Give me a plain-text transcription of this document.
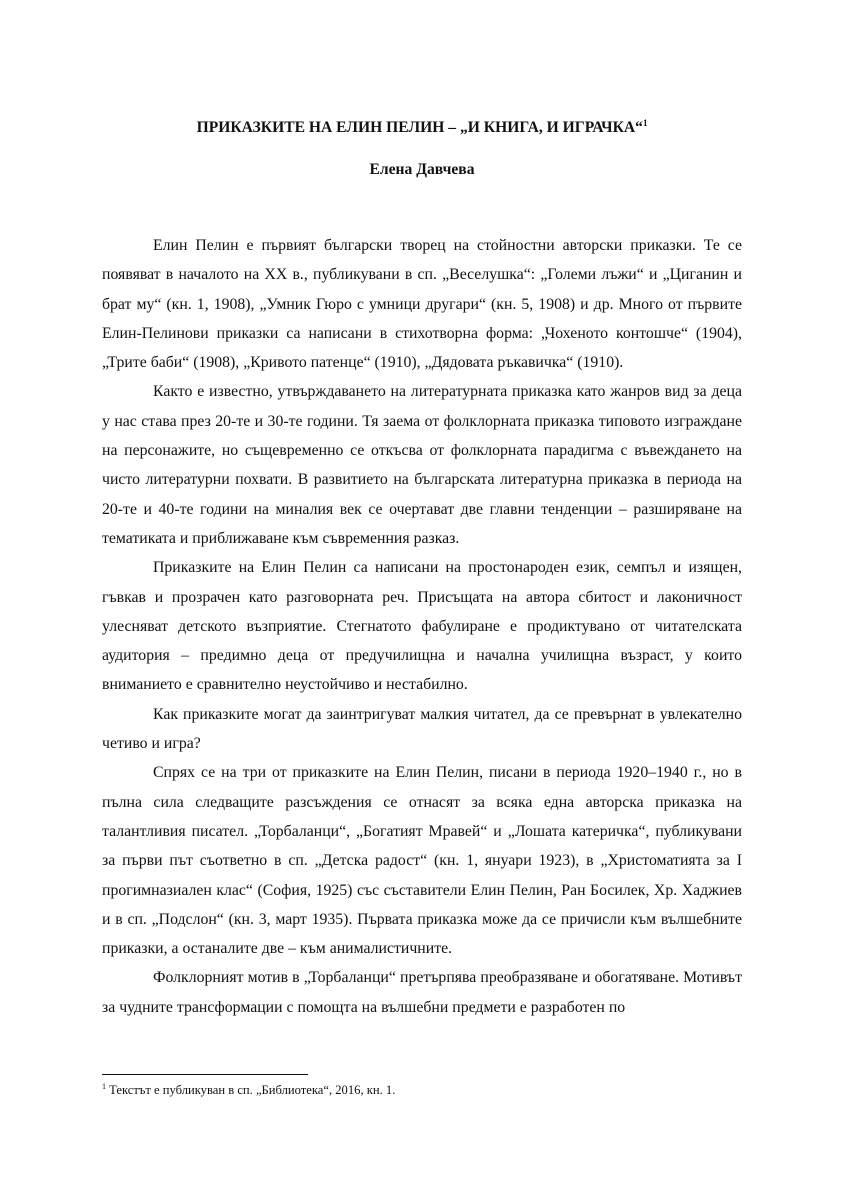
ПРИКАЗКИТЕ НА ЕЛИН ПЕЛИН – „И КНИГА, И ИГРАЧКА“$^1$

Елена Давчева

Елин Пелин е първият български творец на стойностни авторски приказки. Те се появяват в началото на XX в., публикувани в сп. „Веселушка“: „Големи лъжи“ и „Циганин и брат му“ (кн. 1, 1908), „Умник Гюро с умници другари“ (кн. 5, 1908) и др. Много от първите Елин-Пелинови приказки са написани в стихотворна форма: „Чохеното контошче“ (1904), „Трите баби“ (1908), „Кривото патенце“ (1910), „Дядовата ръкавичка“ (1910).

Както е известно, утвърждаването на литературната приказка като жанров вид за деца у нас става през 20-те и 30-те години. Тя заема от фолклорната приказка типовото изграждане на персонажите, но същевременно се откъсва от фолклорната парадигма с въвеждането на чисто литературни похвати. В развитието на българската литературна приказка в периода на 20-те и 40-те години на миналия век се очертават две главни тенденции – разширяване на тематиката и приближаване към съвременния разказ.

Приказките на Елин Пелин са написани на простонароден език, семпъл и изящен, гъвкав и прозрачен като разговорната реч. Присъщата на автора сбитост и лаконичност улесняват детското възприятие. Стегнатото фабулиране е продиктувано от читателската аудитория – предимно деца от предучилищна и начална училищна възраст, у които вниманието е сравнително неустойчиво и нестабилно.

Как приказките могат да заинтригуват малкия читател, да се превърнат в увлекателно четиво и игра?

Спрях се на три от приказките на Елин Пелин, писани в периода 1920–1940 г., но в пълна сила следващите разсъждения се отнасят за всяка една авторска приказка на талантливия писател. „Торбаланци“, „Богатият Мравей“ и „Лошата катеричка“, публикувани за първи път съответно в сп. „Детска радост“ (кн. 1, януари 1923), в „Христоматията за I прогимназиален клас“ (София, 1925) със съставители Елин Пелин, Ран Босилек, Хр. Хаджиев и в сп. „Подслон“ (кн. 3, март 1935). Първата приказка може да се причисли към вълшебните приказки, а останалите две – към анималистичните.

Фолклорният мотив в „Торбаланци“ претърпява преобразяване и обогатяване. Мотивът за чудните трансформации с помощта на вълшебни предмети е разработен по

$^1$ Текстът е публикуван в сп. „Библиотека“, 2016, кн. 1.
